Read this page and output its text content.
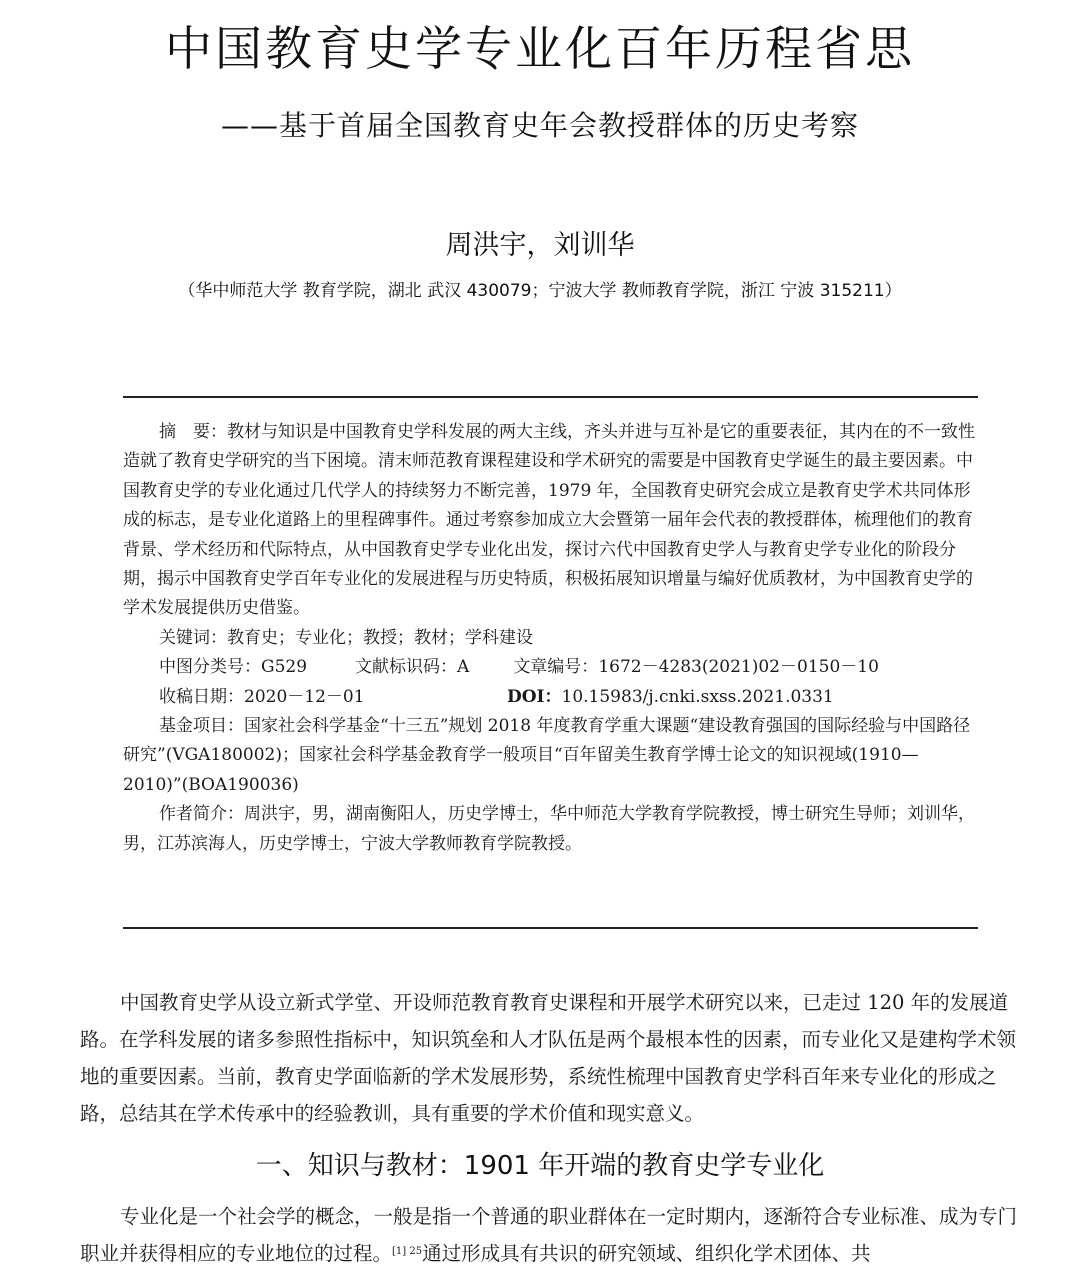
中国教育史学专业化百年历程省思
——基于首届全国教育史年会教授群体的历史考察
周洪宇，刘训华
（华中师范大学 教育学院，湖北 武汉 430079；宁波大学 教师教育学院，浙江 宁波 315211）

摘　要：教材与知识是中国教育史学科发展的两大主线，齐头并进与互补是它的重要表征，其内在的不一致性造就了教育史学研究的当下困境。清末师范教育课程建设和学术研究的需要是中国教育史学诞生的最主要因素。中国教育史学的专业化通过几代学人的持续努力不断完善，1979 年，全国教育史研究会成立是教育史学术共同体形成的标志，是专业化道路上的里程碑事件。通过考察参加成立大会暨第一届年会代表的教授群体，梳理他们的教育背景、学术经历和代际特点，从中国教育史学专业化出发，探讨六代中国教育史学人与教育史学专业化的阶段分期，揭示中国教育史学百年专业化的发展进程与历史特质，积极拓展知识增量与编好优质教材，为中国教育史学的学术发展提供历史借鉴。

关键词：教育史；专业化；教授；教材；学科建设

中图分类号：G529	文献标识码：A	文章编号：1672－4283(2021)02－0150－10

收稿日期：2020－12－01	DOI：10.15983/j.cnki.sxss.2021.0331

基金项目：国家社会科学基金“十三五”规划 2018 年度教育学重大课题“建设教育强国的国际经验与中国路径研究”(VGA180002)；国家社会科学基金教育学一般项目“百年留美生教育学博士论文的知识视域(1910—2010)”(BOA190036)

作者简介：周洪宇，男，湖南衡阳人，历史学博士，华中师范大学教育学院教授，博士研究生导师；刘训华，男，江苏滨海人，历史学博士，宁波大学教师教育学院教授。

中国教育史学从设立新式学堂、开设师范教育教育史课程和开展学术研究以来，已走过 120 年的发展道路。在学科发展的诸多参照性指标中，知识筑垒和人才队伍是两个最根本性的因素，而专业化又是建构学术领地的重要因素。当前，教育史学面临新的学术发展形势，系统性梳理中国教育史学科百年来专业化的形成之路，总结其在学术传承中的经验教训，具有重要的学术价值和现实意义。

一、知识与教材：1901 年开端的教育史学专业化

专业化是一个社会学的概念，一般是指一个普通的职业群体在一定时期内，逐渐符合专业标准、成为专门职业并获得相应的专业地位的过程。$^{[1] 25}$通过形成具有共识的研究领域、组织化学术团体、共
